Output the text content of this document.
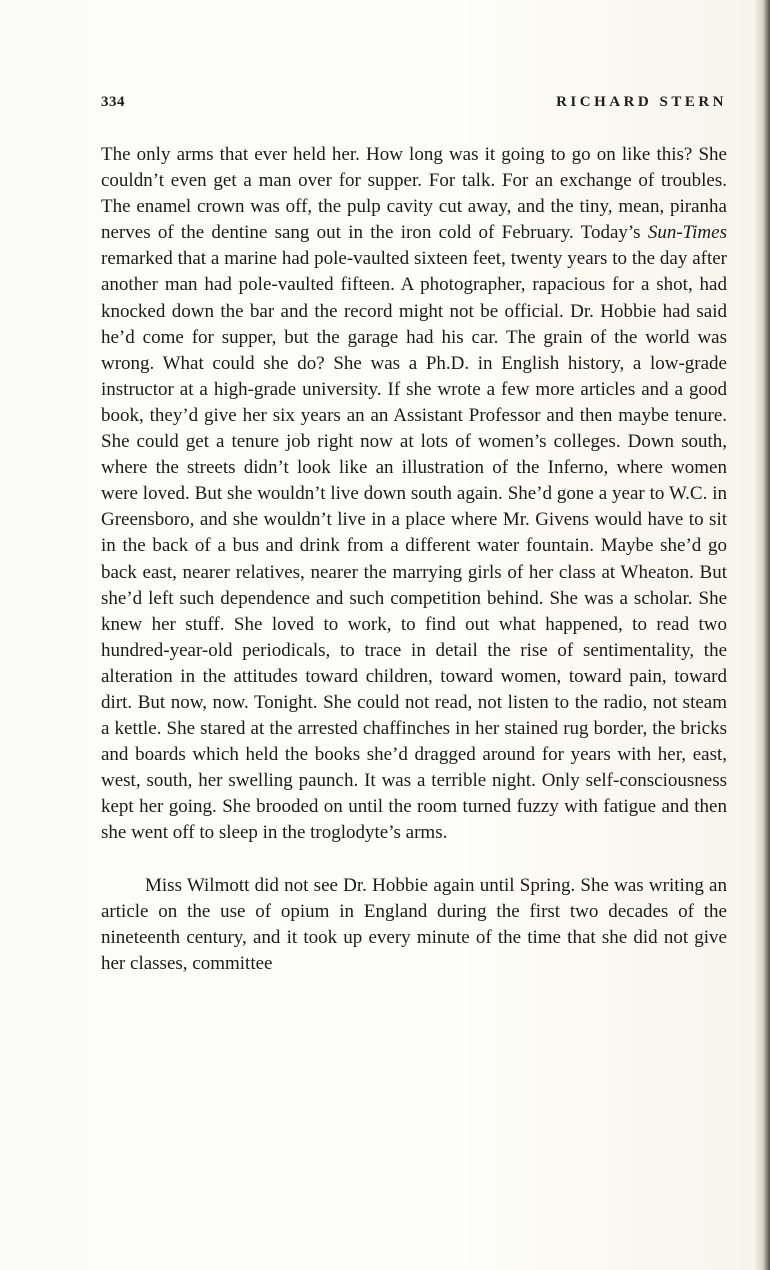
334	RICHARD STERN

The only arms that ever held her. How long was it going to go on like this? She couldn’t even get a man over for supper. For talk. For an exchange of troubles. The enamel crown was off, the pulp cavity cut away, and the tiny, mean, piranha nerves of the dentine sang out in the iron cold of February. Today’s Sun-Times remarked that a marine had pole-vaulted sixteen feet, twenty years to the day after another man had pole-vaulted fifteen. A photographer, rapacious for a shot, had knocked down the bar and the record might not be official. Dr. Hobbie had said he’d come for supper, but the garage had his car. The grain of the world was wrong. What could she do? She was a Ph.D. in English history, a low-grade instructor at a high-grade university. If she wrote a few more articles and a good book, they’d give her six years an an Assistant Professor and then maybe tenure. She could get a tenure job right now at lots of women’s colleges. Down south, where the streets didn’t look like an illustration of the Inferno, where women were loved. But she wouldn’t live down south again. She’d gone a year to W.C. in Greensboro, and she wouldn’t live in a place where Mr. Givens would have to sit in the back of a bus and drink from a different water fountain. Maybe she’d go back east, nearer relatives, nearer the marrying girls of her class at Wheaton. But she’d left such dependence and such competition behind. She was a scholar. She knew her stuff. She loved to work, to find out what happened, to read two hundred-year-old periodicals, to trace in detail the rise of sentimentality, the alteration in the attitudes toward children, toward women, toward pain, toward dirt. But now, now. Tonight. She could not read, not listen to the radio, not steam a kettle. She stared at the arrested chaffinches in her stained rug border, the bricks and boards which held the books she’d dragged around for years with her, east, west, south, her swelling paunch. It was a terrible night. Only self-consciousness kept her going. She brooded on until the room turned fuzzy with fatigue and then she went off to sleep in the troglodyte’s arms.

Miss Wilmott did not see Dr. Hobbie again until Spring. She was writing an article on the use of opium in England during the first two decades of the nineteenth century, and it took up every minute of the time that she did not give her classes, committee
